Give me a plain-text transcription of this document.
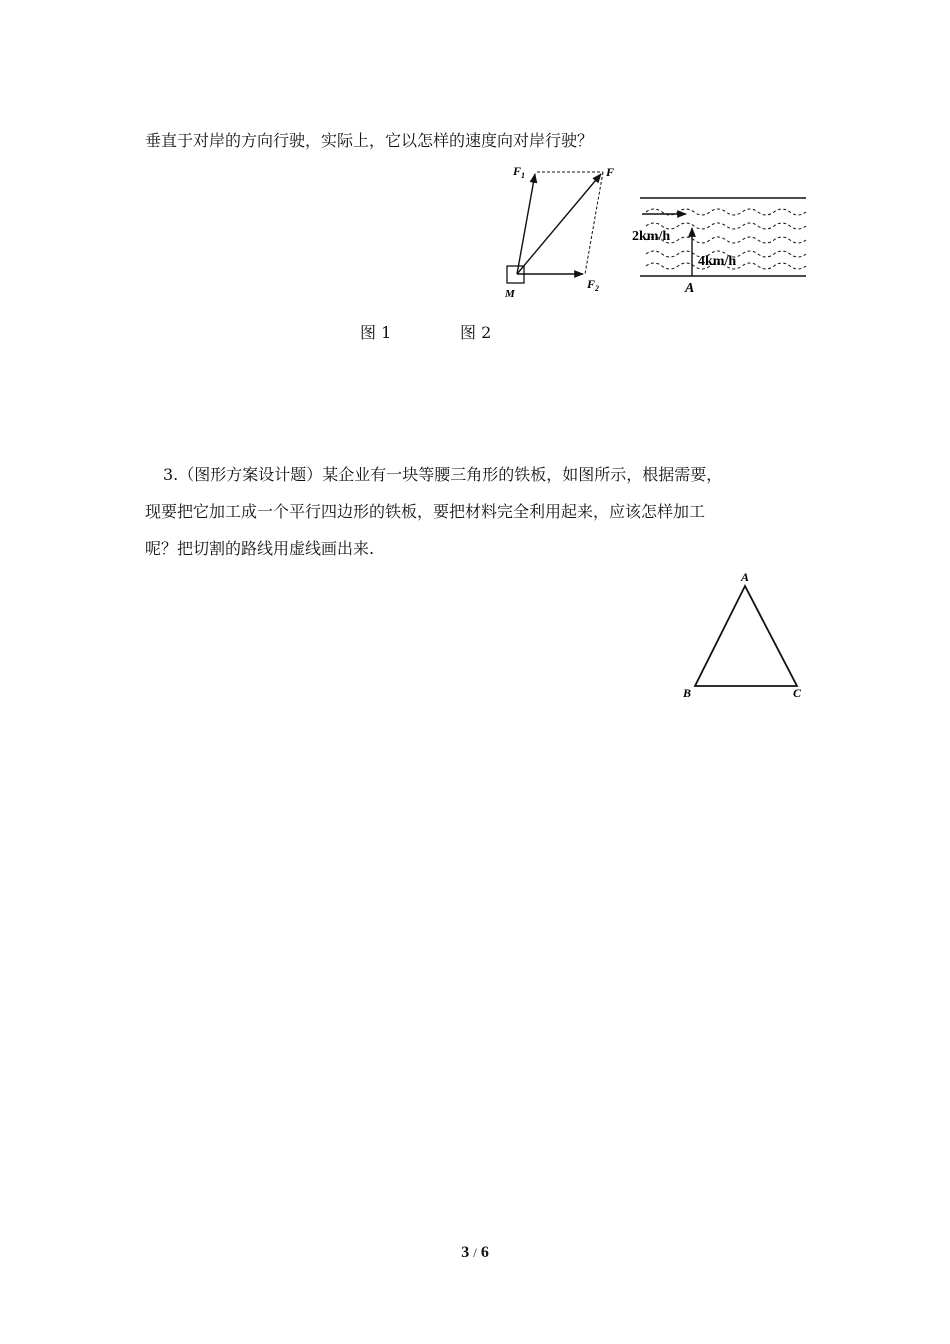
垂直于对岸的方向行驶，实际上，它以怎样的速度向对岸行驶？
$F_1$	F
$F_2$
M
2km/h
4km/h
A
图 1	图 2
3.（图形方案设计题）某企业有一块等腰三角形的铁板，如图所示，根据需要，
现要把它加工成一个平行四边形的铁板，要把材料完全利用起来，应该怎样加工
呢？把切割的路线用虚线画出来.
A
B	C
3 / 6
